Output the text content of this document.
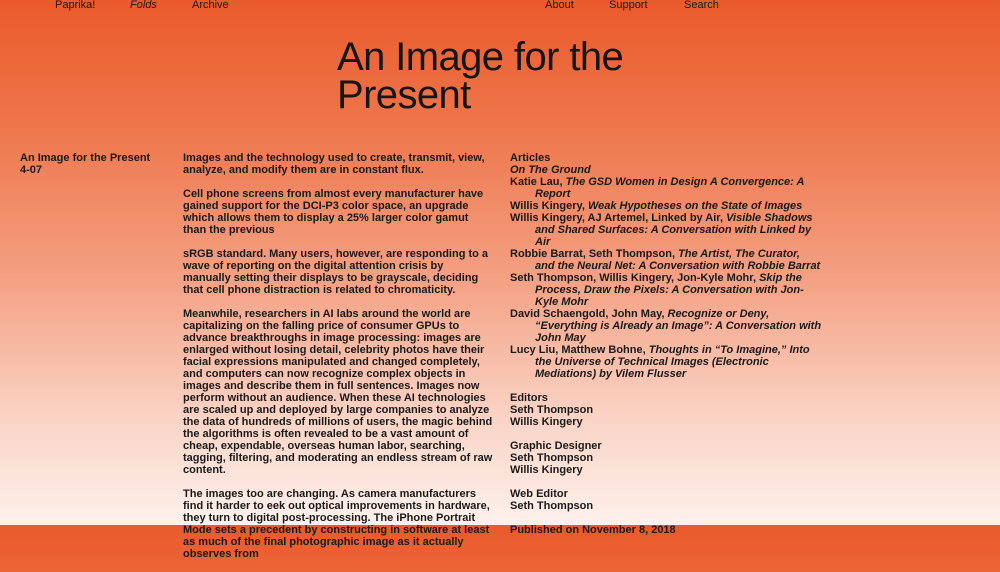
Paprika!	Folds	Archive	About	Support	Search
An Image for the Present
An Image for the Present
4-07

Images and the technology used to create, transmit, view, analyze, and modify them are in constant flux.

Cell phone screens from almost every manufacturer have gained support for the DCI-P3 color space, an upgrade which allows them to display a 25% larger color gamut than the previous

sRGB standard. Many users, however, are responding to a wave of reporting on the digital attention crisis by manually setting their displays to be grayscale, deciding that cell phone distraction is related to chromaticity.

Meanwhile, researchers in AI labs around the world are capitalizing on the falling price of consumer GPUs to advance breakthroughs in image processing: images are enlarged without losing detail, celebrity photos have their facial expressions manipulated and changed completely, and computers can now recognize complex objects in images and describe them in full sentences. Images now perform without an audience. When these AI technologies are scaled up and deployed by large companies to analyze the data of hundreds of millions of users, the magic behind the algorithms is often revealed to be a vast amount of cheap, expendable, overseas human labor, searching, tagging, filtering, and moderating an endless stream of raw content.

The images too are changing. As camera manufacturers find it harder to eek out optical improvements in hardware, they turn to digital post-processing. The iPhone Portrait Mode sets a precedent by constructing in software at least as much of the final photographic image as it actually observes from

Articles
On The Ground
Katie Lau, The GSD Women in Design A Convergence: A Report
Willis Kingery, Weak Hypotheses on the State of Images
Willis Kingery, AJ Artemel, Linked by Air, Visible Shadows and Shared Surfaces: A Conversation with Linked by Air
Robbie Barrat, Seth Thompson, The Artist, The Curator, and the Neural Net: A Conversation with Robbie Barrat
Seth Thompson, Willis Kingery, Jon-Kyle Mohr, Skip the Process, Draw the Pixels: A Conversation with Jon-Kyle Mohr
David Schaengold, John May, Recognize or Deny, “Everything is Already an Image”: A Conversation with John May
Lucy Liu, Matthew Bohne, Thoughts in “To Imagine,” Into the Universe of Technical Images (Electronic Mediations) by Vilem Flusser
Editors
Seth Thompson
Willis Kingery
Graphic Designer
Seth Thompson
Willis Kingery
Web Editor
Seth Thompson
Published on November 8, 2018
